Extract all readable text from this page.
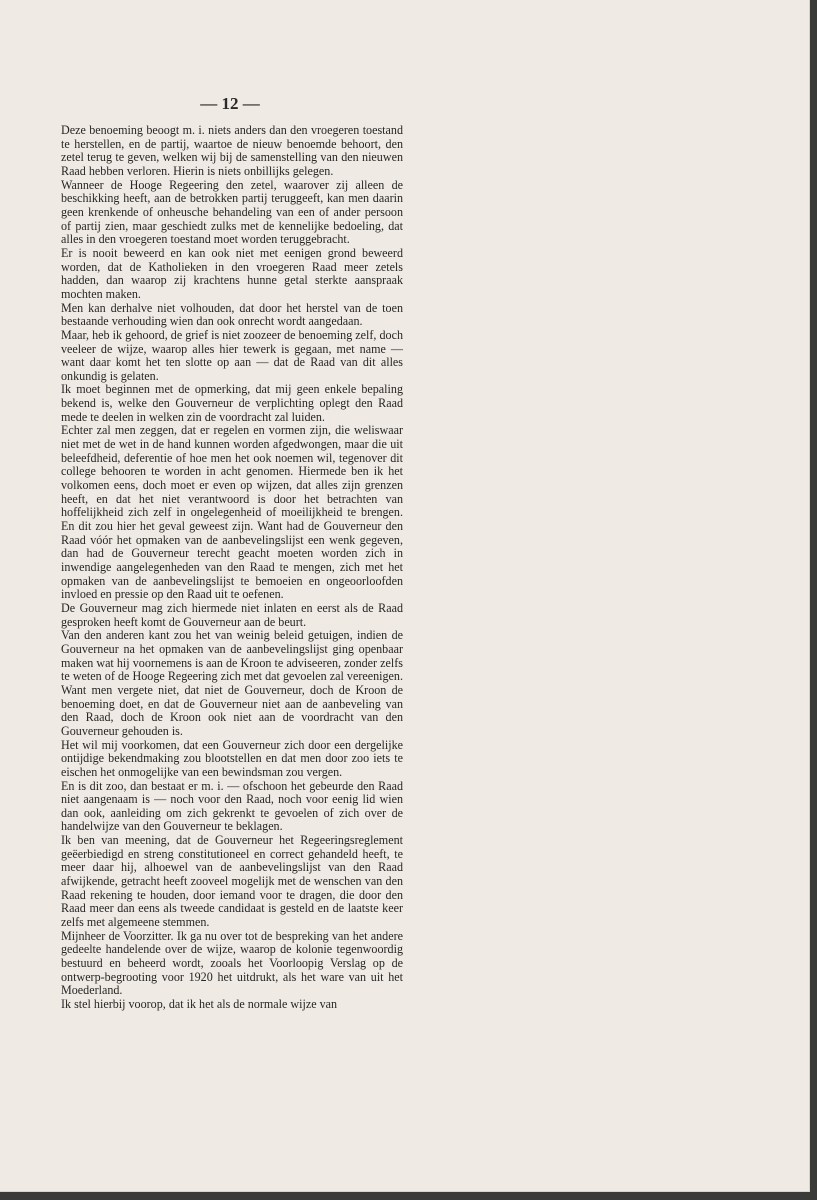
— 12 —

Deze benoeming beoogt m. i. niets anders dan den vroegeren toestand te herstellen, en de partij, waartoe de nieuw benoemde behoort, den zetel terug te geven, welken wij bij de samenstelling van den nieuwen Raad hebben verloren. Hierin is niets onbillijks gelegen.

Wanneer de Hooge Regeering den zetel, waarover zij alleen de beschikking heeft, aan de betrokken partij teruggeeft, kan men daarin geen krenkende of onheusche behandeling van een of ander persoon of partij zien, maar geschiedt zulks met de kennelijke bedoeling, dat alles in den vroegeren toestand moet worden teruggebracht.

Er is nooit beweerd en kan ook niet met eenigen grond beweerd worden, dat de Katholieken in den vroegeren Raad meer zetels hadden, dan waarop zij krachtens hunne getal sterkte aanspraak mochten maken.

Men kan derhalve niet volhouden, dat door het herstel van de toen bestaande verhouding wien dan ook onrecht wordt aangedaan.

Maar, heb ik gehoord, de grief is niet zoozeer de benoeming zelf, doch veeleer de wijze, waarop alles hier tewerk is gegaan, met name — want daar komt het ten slotte op aan — dat de Raad van dit alles onkundig is gelaten.

Ik moet beginnen met de opmerking, dat mij geen enkele bepaling bekend is, welke den Gouverneur de verplichting oplegt den Raad mede te deelen in welken zin de voordracht zal luiden.

Echter zal men zeggen, dat er regelen en vormen zijn, die weliswaar niet met de wet in de hand kunnen worden afgedwongen, maar die uit beleefdheid, deferentie of hoe men het ook noemen wil, tegenover dit college behooren te worden in acht genomen. Hiermede ben ik het volkomen eens, doch moet er even op wijzen, dat alles zijn grenzen heeft, en dat het niet verantwoord is door het betrachten van hoffelijkheid zich zelf in ongelegenheid of moeilijkheid te brengen. En dit zou hier het geval geweest zijn. Want had de Gouverneur den Raad vóór het opmaken van de aanbevelingslijst een wenk gegeven, dan had de Gouverneur terecht geacht moeten worden zich in inwendige aangelegenheden van den Raad te mengen, zich met het opmaken van de aanbevelingslijst te bemoeien en ongeoorloofden invloed en pressie op den Raad uit te oefenen.

De Gouverneur mag zich hiermede niet inlaten en eerst als de Raad gesproken heeft komt de Gouverneur aan de beurt.

Van den anderen kant zou het van weinig beleid getuigen, indien de Gouverneur na het opmaken van de aanbevelingslijst ging openbaar maken wat hij voornemens is aan de Kroon te adviseeren, zonder zelfs te weten of de Hooge Regeering zich met dat gevoelen zal vereenigen. Want men vergete niet, dat niet de Gouverneur, doch de Kroon de benoeming doet, en dat de Gouverneur niet aan de aanbeveling van den Raad, doch de Kroon ook niet aan de voordracht van den Gouverneur gehouden is.

Het wil mij voorkomen, dat een Gouverneur zich door een dergelijke ontijdige bekendmaking zou blootstellen en dat men door zoo iets te eischen het onmogelijke van een bewindsman zou vergen.

En is dit zoo, dan bestaat er m. i. — ofschoon het gebeurde den Raad niet aangenaam is — noch voor den Raad, noch voor eenig lid wien dan ook, aanleiding om zich gekrenkt te gevoelen of zich over de handelwijze van den Gouverneur te beklagen.

Ik ben van meening, dat de Gouverneur het Regeeringsreglement geëerbiedigd en streng constitutioneel en correct gehandeld heeft, te meer daar hij, alhoewel van de aanbevelingslijst van den Raad afwijkende, getracht heeft zooveel mogelijk met de wenschen van den Raad rekening te houden, door iemand voor te dragen, die door den Raad meer dan eens als tweede candidaat is gesteld en de laatste keer zelfs met algemeene stemmen.

Mijnheer de Voorzitter. Ik ga nu over tot de bespreking van het andere gedeelte handelende over de wijze, waarop de kolonie tegenwoordig bestuurd en beheerd wordt, zooals het Voorloopig Verslag op de ontwerp-begrooting voor 1920 het uitdrukt, als het ware van uit het Moederland.

Ik stel hierbij voorop, dat ik het als de normale wijze van
